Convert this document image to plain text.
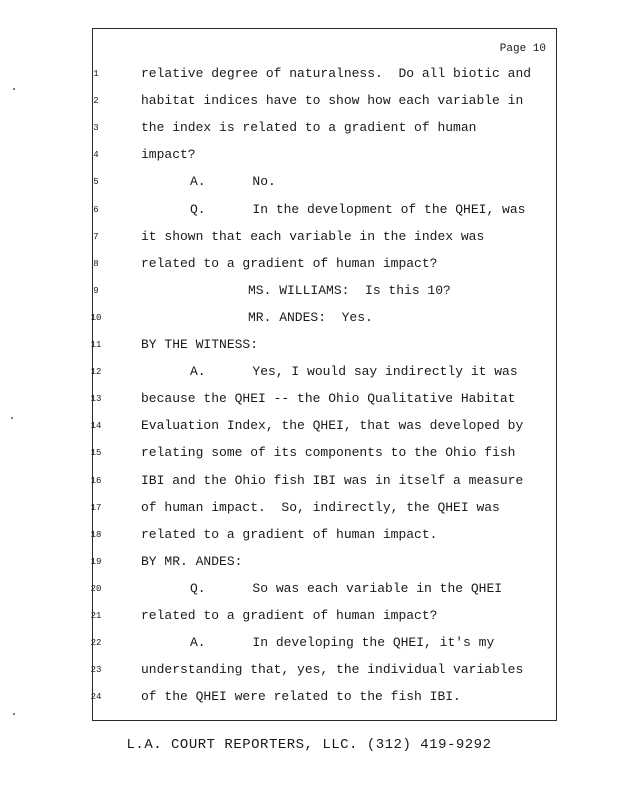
Page 10
1	relative degree of naturalness.  Do all biotic and
2	habitat indices have to show how each variable in
3	the index is related to a gradient of human
4	impact?
5	A.      No.
6	Q.      In the development of the QHEI, was
7	it shown that each variable in the index was
8	related to a gradient of human impact?
9	MS. WILLIAMS:  Is this 10?
10	MR. ANDES:  Yes.
11	BY THE WITNESS:
12	A.      Yes, I would say indirectly it was
13	because the QHEI -- the Ohio Qualitative Habitat
14	Evaluation Index, the QHEI, that was developed by
15	relating some of its components to the Ohio fish
16	IBI and the Ohio fish IBI was in itself a measure
17	of human impact.  So, indirectly, the QHEI was
18	related to a gradient of human impact.
19	BY MR. ANDES:
20	Q.      So was each variable in the QHEI
21	related to a gradient of human impact?
22	A.      In developing the QHEI, it's my
23	understanding that, yes, the individual variables
24	of the QHEI were related to the fish IBI.
L.A. COURT REPORTERS, LLC. (312) 419-9292
